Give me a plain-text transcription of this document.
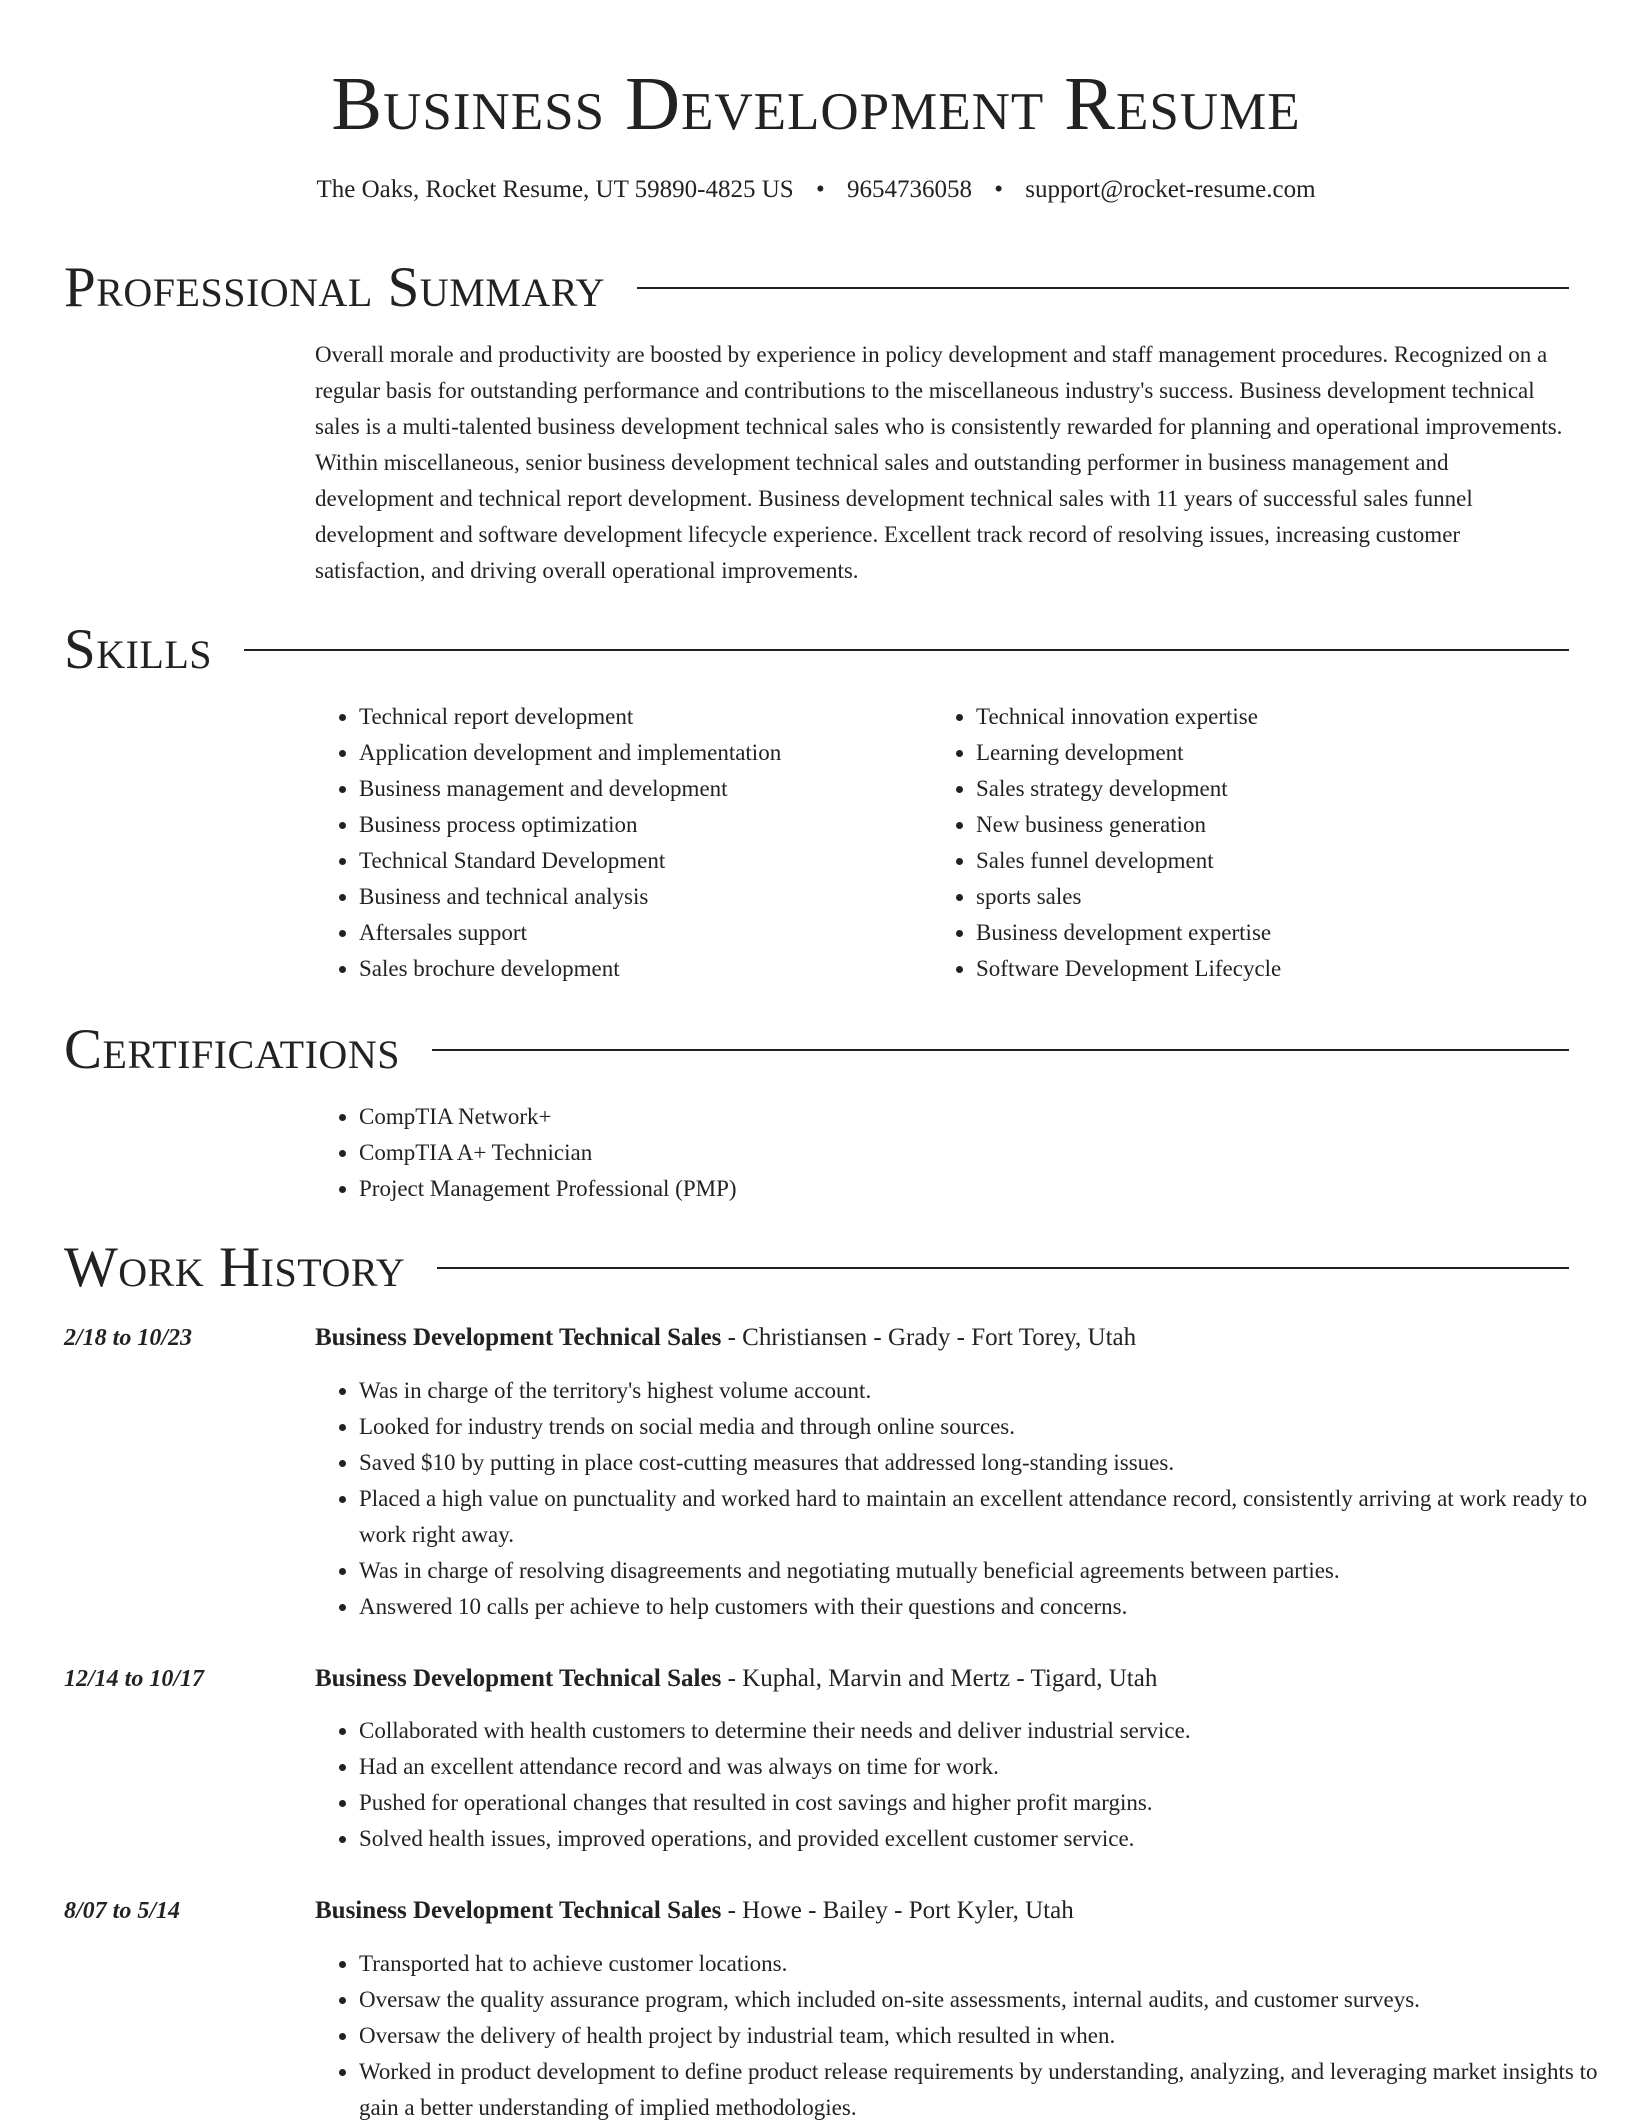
Business Development Resume
The Oaks, Rocket Resume, UT 59890-4825 US • 9654736058 • support@rocket-resume.com
Professional Summary

Overall morale and productivity are boosted by experience in policy development and staff management procedures. Recognized on a regular basis for outstanding performance and contributions to the miscellaneous industry's success. Business development technical sales is a multi-talented business development technical sales who is consistently rewarded for planning and operational improvements. Within miscellaneous, senior business development technical sales and outstanding performer in business management and development and technical report development. Business development technical sales with 11 years of successful sales funnel development and software development lifecycle experience. Excellent track record of resolving issues, increasing customer satisfaction, and driving overall operational improvements.

Skills
• Technical report development
• Application development and implementation
• Business management and development
• Business process optimization
• Technical Standard Development
• Business and technical analysis
• Aftersales support
• Sales brochure development
• Technical innovation expertise
• Learning development
• Sales strategy development
• New business generation
• Sales funnel development
• sports sales
• Business development expertise
• Software Development Lifecycle
Certifications
• CompTIA Network+
• CompTIA A+ Technician
• Project Management Professional (PMP)
Work History
2/18 to 10/23	Business Development Technical Sales - Christiansen - Grady - Fort Torey, Utah
• Was in charge of the territory's highest volume account.
• Looked for industry trends on social media and through online sources.
• Saved $10 by putting in place cost-cutting measures that addressed long-standing issues.
• Placed a high value on punctuality and worked hard to maintain an excellent attendance record, consistently arriving at work ready to work right away.
• Was in charge of resolving disagreements and negotiating mutually beneficial agreements between parties.
• Answered 10 calls per achieve to help customers with their questions and concerns.
12/14 to 10/17	Business Development Technical Sales - Kuphal, Marvin and Mertz - Tigard, Utah
• Collaborated with health customers to determine their needs and deliver industrial service.
• Had an excellent attendance record and was always on time for work.
• Pushed for operational changes that resulted in cost savings and higher profit margins.
• Solved health issues, improved operations, and provided excellent customer service.
8/07 to 5/14	Business Development Technical Sales - Howe - Bailey - Port Kyler, Utah
• Transported hat to achieve customer locations.
• Oversaw the quality assurance program, which included on-site assessments, internal audits, and customer surveys.
• Oversaw the delivery of health project by industrial team, which resulted in when.
• Worked in product development to define product release requirements by understanding, analyzing, and leveraging market insights to gain a better understanding of implied methodologies.
